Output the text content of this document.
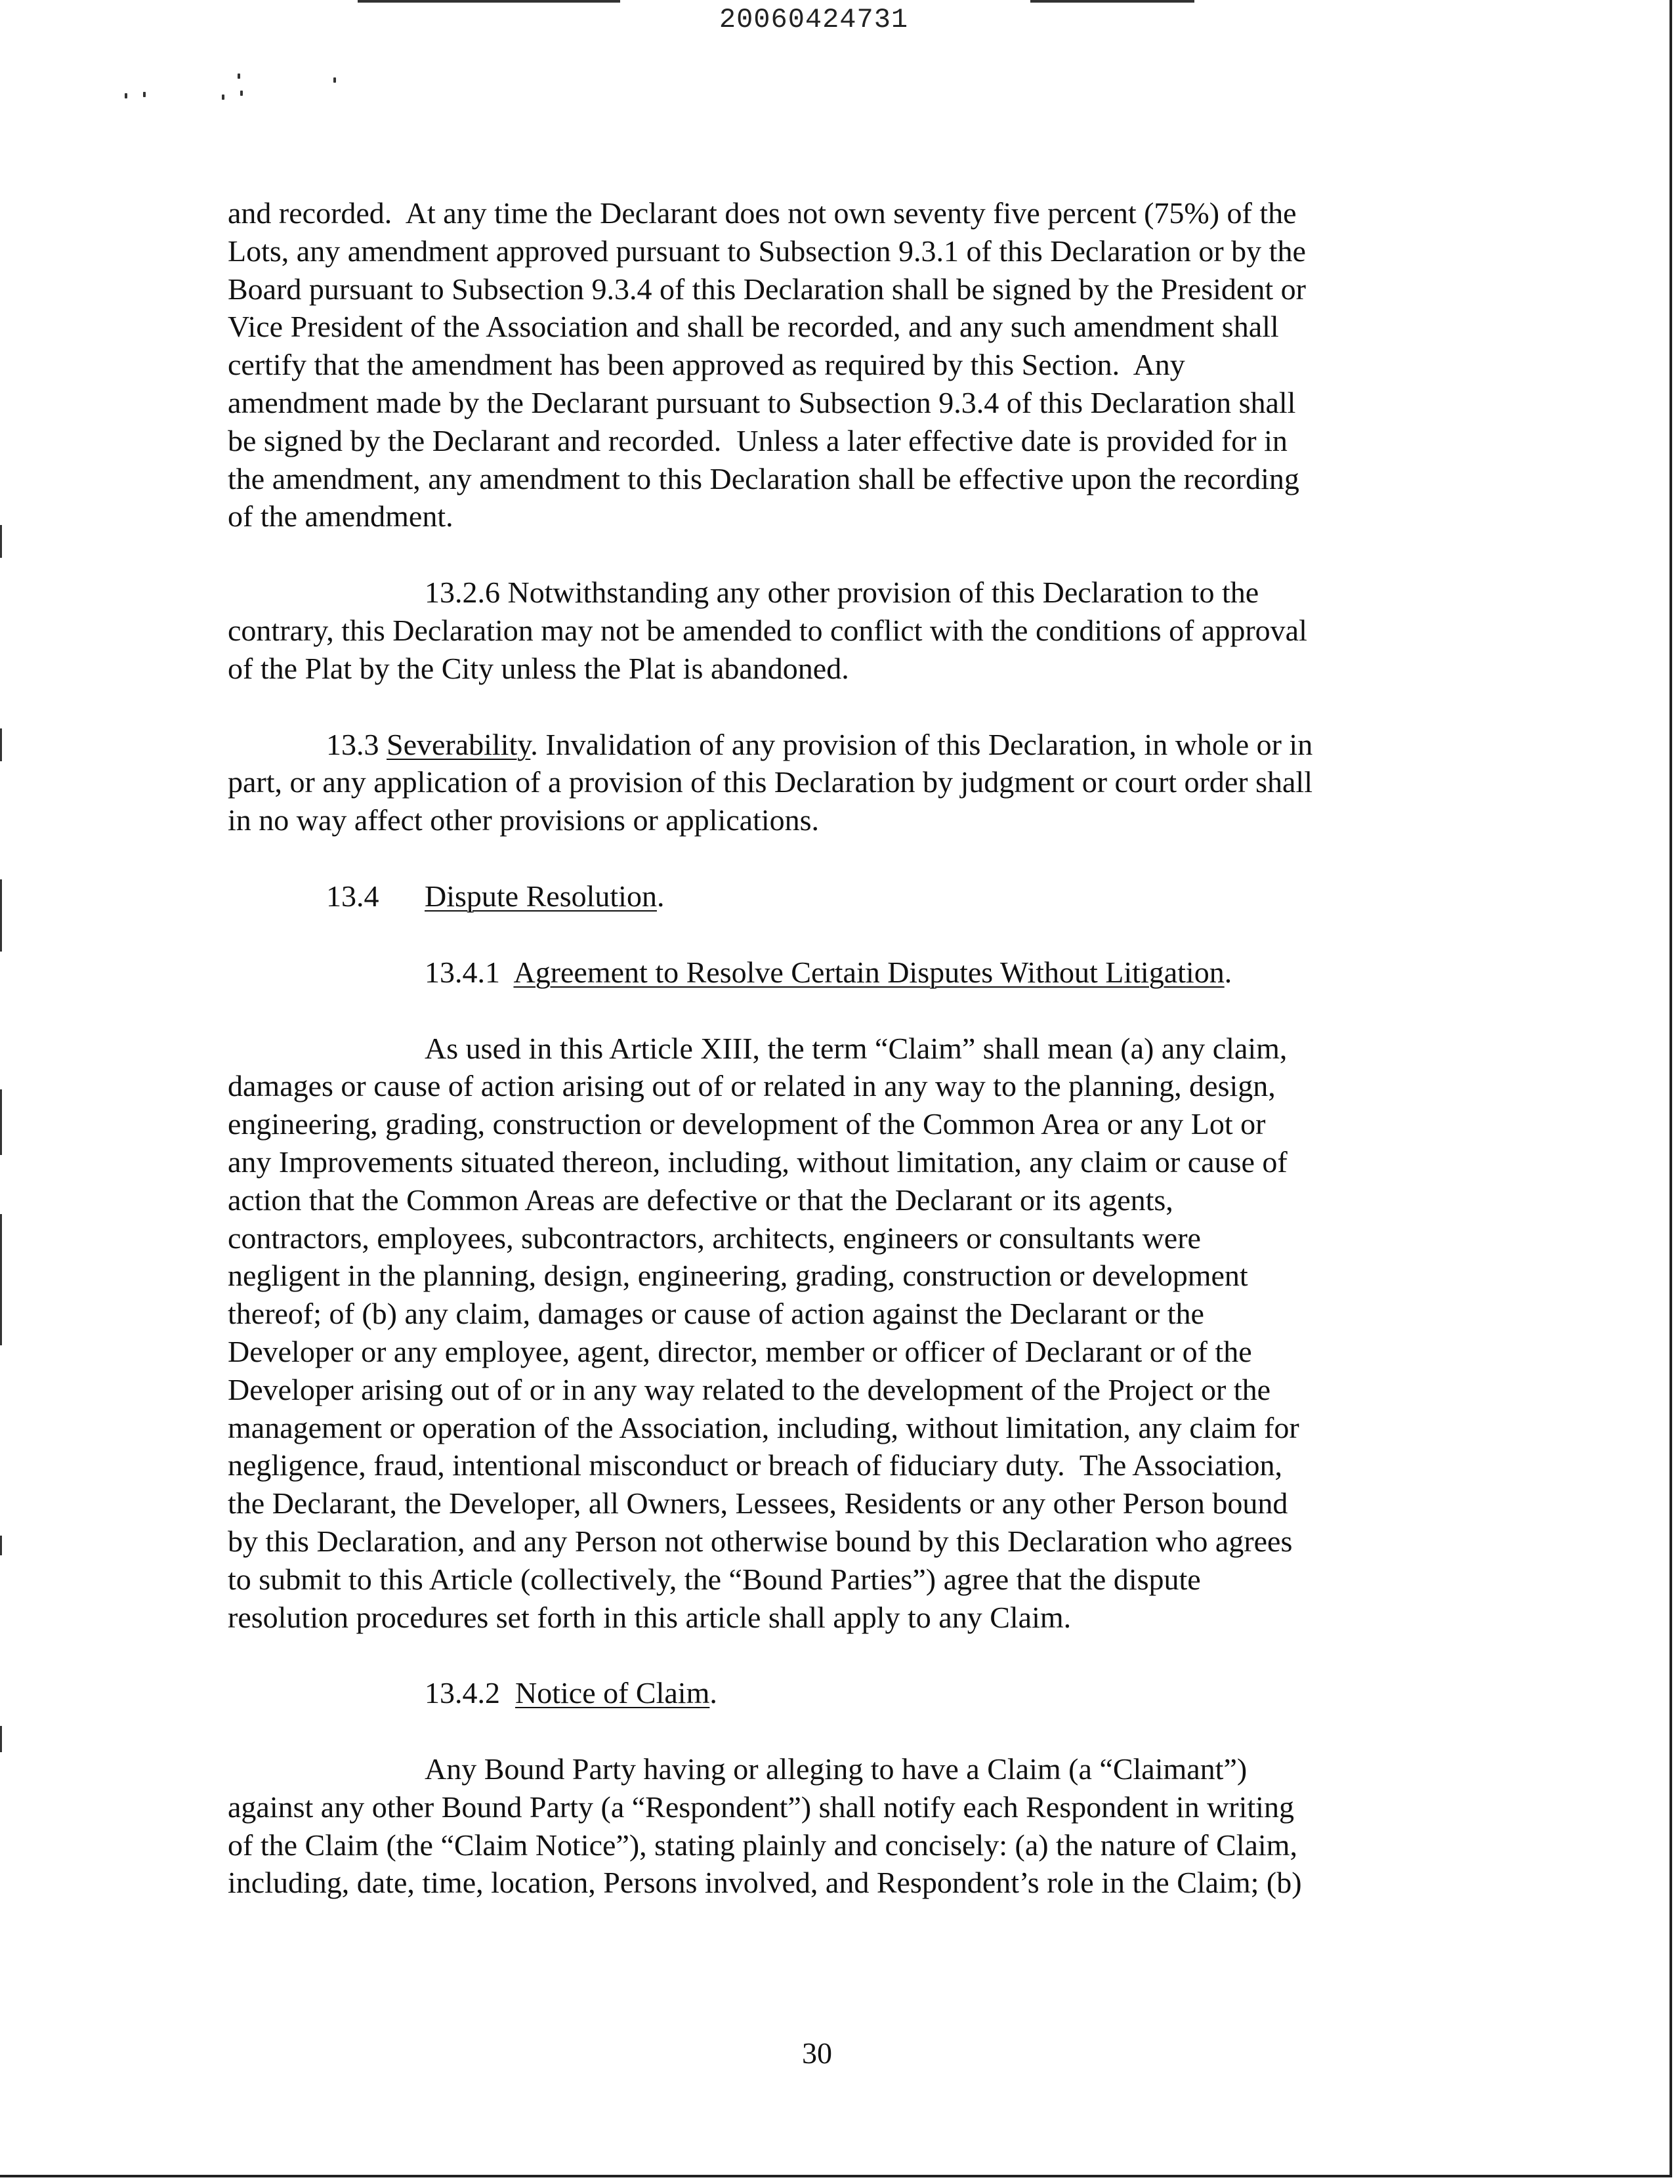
20060424731
and recorded.  At any time the Declarant does not own seventy five percent (75%) of the
Lots, any amendment approved pursuant to Subsection 9.3.1 of this Declaration or by the
Board pursuant to Subsection 9.3.4 of this Declaration shall be signed by the President or
Vice President of the Association and shall be recorded, and any such amendment shall
certify that the amendment has been approved as required by this Section.  Any
amendment made by the Declarant pursuant to Subsection 9.3.4 of this Declaration shall
be signed by the Declarant and recorded.  Unless a later effective date is provided for in
the amendment, any amendment to this Declaration shall be effective upon the recording
of the amendment.
13.2.6 Notwithstanding any other provision of this Declaration to the
contrary, this Declaration may not be amended to conflict with the conditions of approval
of the Plat by the City unless the Plat is abandoned.
13.3 Severability. Invalidation of any provision of this Declaration, in whole or in
part, or any application of a provision of this Declaration by judgment or court order shall
in no way affect other provisions or applications.
13.4 Dispute Resolution.
13.4.1  Agreement to Resolve Certain Disputes Without Litigation.
As used in this Article XIII, the term “Claim” shall mean (a) any claim,
damages or cause of action arising out of or related in any way to the planning, design,
engineering, grading, construction or development of the Common Area or any Lot or
any Improvements situated thereon, including, without limitation, any claim or cause of
action that the Common Areas are defective or that the Declarant or its agents,
contractors, employees, subcontractors, architects, engineers or consultants were
negligent in the planning, design, engineering, grading, construction or development
thereof; of (b) any claim, damages or cause of action against the Declarant or the
Developer or any employee, agent, director, member or officer of Declarant or of the
Developer arising out of or in any way related to the development of the Project or the
management or operation of the Association, including, without limitation, any claim for
negligence, fraud, intentional misconduct or breach of fiduciary duty.  The Association,
the Declarant, the Developer, all Owners, Lessees, Residents or any other Person bound
by this Declaration, and any Person not otherwise bound by this Declaration who agrees
to submit to this Article (collectively, the “Bound Parties”) agree that the dispute
resolution procedures set forth in this article shall apply to any Claim.
13.4.2  Notice of Claim.
Any Bound Party having or alleging to have a Claim (a “Claimant”)
against any other Bound Party (a “Respondent”) shall notify each Respondent in writing
of the Claim (the “Claim Notice”), stating plainly and concisely: (a) the nature of Claim,
including, date, time, location, Persons involved, and Respondent’s role in the Claim; (b)
30
